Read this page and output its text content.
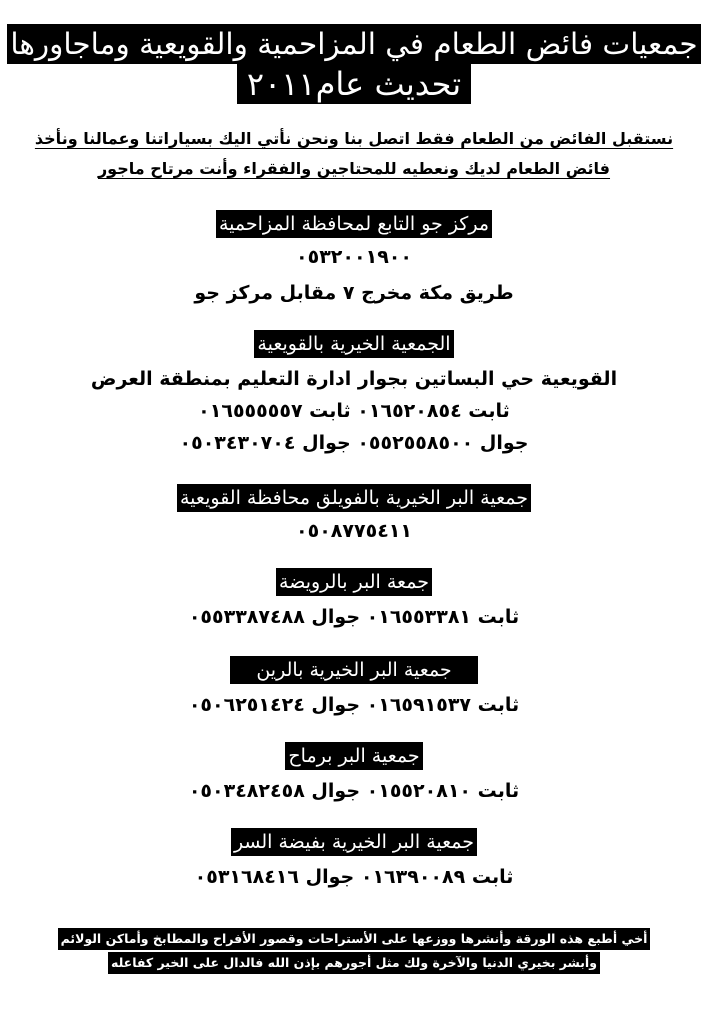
جمعيات فائض الطعام في المزاحمية والقويعية وماجاورها
تحديث عام٢٠١١
نستقبل الفائض من الطعام فقط اتصل بنا ونحن نأتي اليك بسياراتنا وعمالنا ونأخذ
فائض الطعام لديك ونعطيه للمحتاجين والفقراء وأنت مرتاح ماجور
مركز جو التابع لمحافظة المزاحمية
٠٥٣٢٠٠١٩٠٠
طريق مكة مخرج ٧ مقابل مركز جو
الجمعية الخيرية بالقويعية
القويعية حي البساتين بجوار ادارة التعليم بمنطقة العرض
ثابت ٠١٦٥٢٠٨٥٤ ثابت ٠١٦٥٥٥٥٥٧
جوال ٠٥٥٢٥٥٨٥٠٠ جوال ٠٥٠٣٤٣٠٧٠٤
جمعية البر الخيرية بالفويلق محافظة القويعية
٠٥٠٨٧٧٥٤١١
جمعة البر بالرويضة
ثابت ٠١٦٥٥٣٣٨١ جوال ٠٥٥٣٣٨٧٤٨٨
جمعية البر الخيرية بالرين
ثابت ٠١٦٥٩١٥٣٧ جوال ٠٥٠٦٢٥١٤٢٤
جمعية البر برماح
ثابت ٠١٥٥٢٠٨١٠ جوال ٠٥٠٣٤٨٢٤٥٨
جمعية البر الخيرية بفيضة السر
ثابت ٠١٦٣٩٠٠٨٩ جوال ٠٥٣١٦٨٤١٦
أخي أطبع هذه الورقة وأنشرها ووزعها على الأستراحات وقصور الأفراح والمطابخ وأماكن الولائم
وأبشر بخيري الدنيا والآخرة ولك مثل أجورهم بإذن الله فالدال على الخير كفاعله
